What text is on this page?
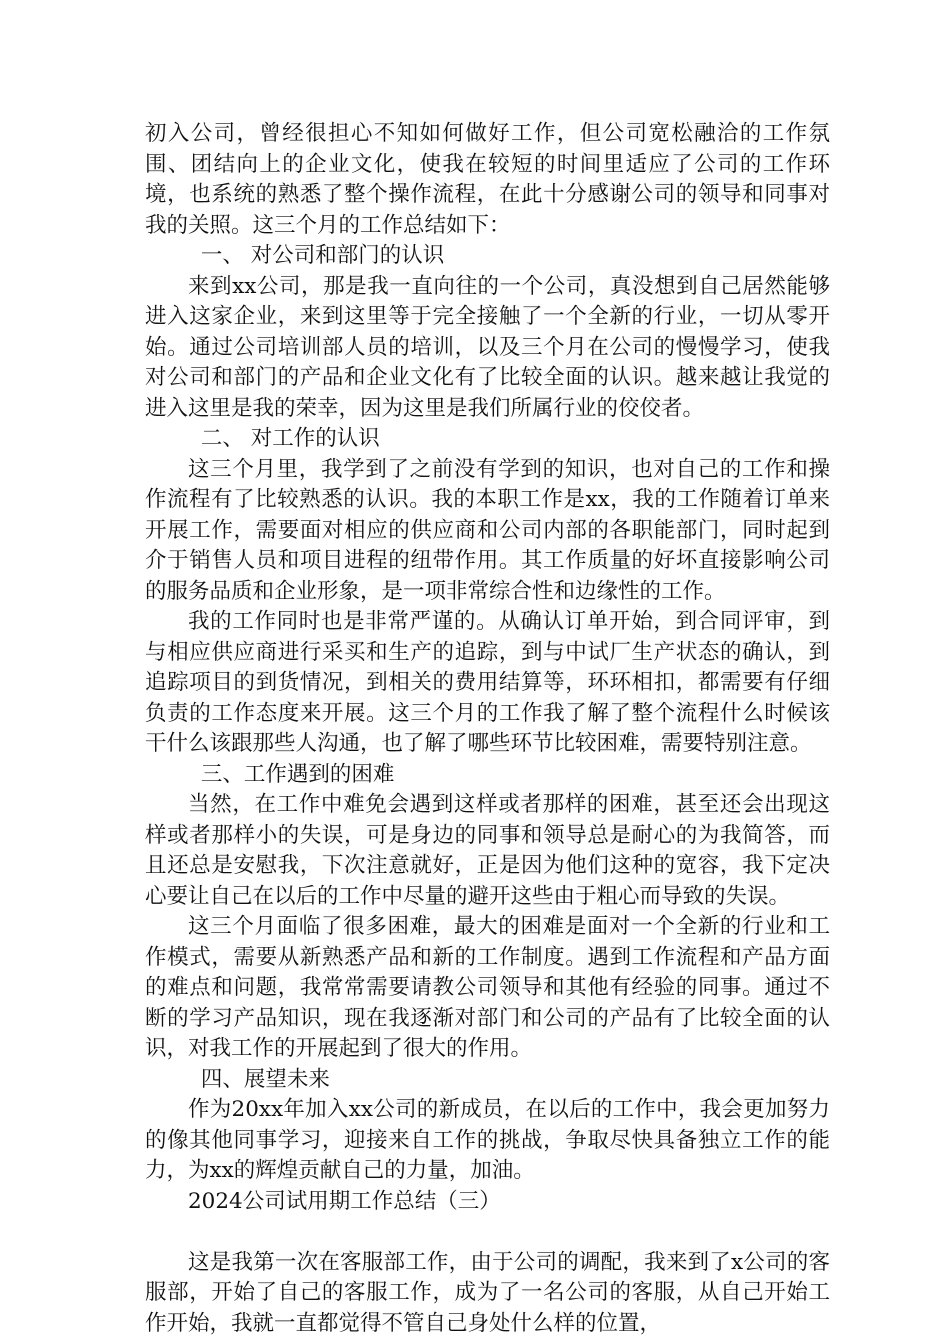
初入公司，曾经很担心不知如何做好工作，但公司宽松融洽的工作氛围、团结向上的企业文化，使我在较短的时间里适应了公司的工作环境，也系统的熟悉了整个操作流程，在此十分感谢公司的领导和同事对我的关照。这三个月的工作总结如下：

一、 对公司和部门的认识

来到xx公司，那是我一直向往的一个公司，真没想到自己居然能够进入这家企业，来到这里等于完全接触了一个全新的行业，一切从零开始。通过公司培训部人员的培训，以及三个月在公司的慢慢学习，使我对公司和部门的产品和企业文化有了比较全面的认识。越来越让我觉的进入这里是我的荣幸，因为这里是我们所属行业的佼佼者。

二、 对工作的认识

这三个月里，我学到了之前没有学到的知识，也对自己的工作和操作流程有了比较熟悉的认识。我的本职工作是xx，我的工作随着订单来开展工作，需要面对相应的供应商和公司内部的各职能部门，同时起到介于销售人员和项目进程的纽带作用。其工作质量的好坏直接影响公司的服务品质和企业形象，是一项非常综合性和边缘性的工作。

我的工作同时也是非常严谨的。从确认订单开始，到合同评审，到与相应供应商进行采买和生产的追踪，到与中试厂生产状态的确认，到追踪项目的到货情况，到相关的费用结算等，环环相扣，都需要有仔细负责的工作态度来开展。这三个月的工作我了解了整个流程什么时候该干什么该跟那些人沟通，也了解了哪些环节比较困难，需要特别注意。

三、工作遇到的困难

当然，在工作中难免会遇到这样或者那样的困难，甚至还会出现这样或者那样小的失误，可是身边的同事和领导总是耐心的为我简答，而且还总是安慰我，下次注意就好，正是因为他们这种的宽容，我下定决心要让自己在以后的工作中尽量的避开这些由于粗心而导致的失误。

这三个月面临了很多困难，最大的困难是面对一个全新的行业和工作模式，需要从新熟悉产品和新的工作制度。遇到工作流程和产品方面的难点和问题，我常常需要请教公司领导和其他有经验的同事。通过不断的学习产品知识，现在我逐渐对部门和公司的产品有了比较全面的认识，对我工作的开展起到了很大的作用。

四、展望未来

作为20xx年加入xx公司的新成员，在以后的工作中，我会更加努力的像其他同事学习，迎接来自工作的挑战，争取尽快具备独立工作的能力，为xx的辉煌贡献自己的力量，加油。

2024公司试用期工作总结（三）

这是我第一次在客服部工作，由于公司的调配，我来到了x公司的客服部，开始了自己的客服工作，成为了一名公司的客服，从自己开始工作开始，我就一直都觉得不管自己身处什么样的位置，
